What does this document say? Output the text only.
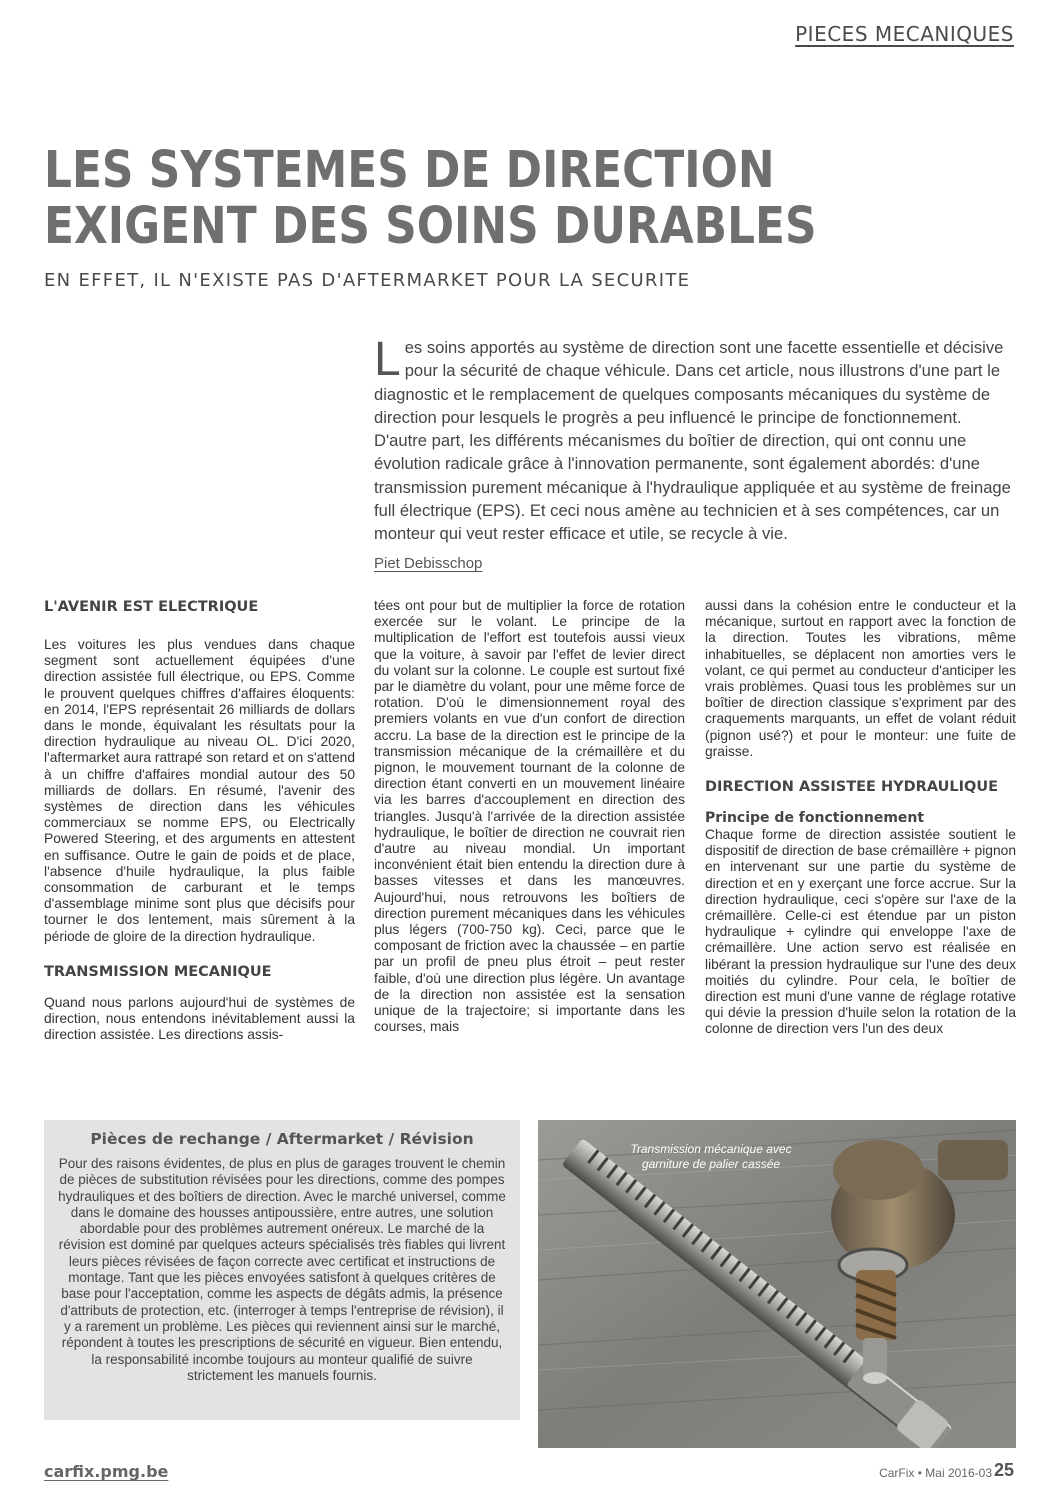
PIECES MECANIQUES
LES SYSTEMES DE DIRECTION
EXIGENT DES SOINS DURABLES
EN EFFET, IL N'EXISTE PAS D'AFTERMARKET POUR LA SECURITE

Les soins apportés au système de direction sont une facette essentielle et décisive pour la sécurité de chaque véhicule. Dans cet article, nous illustrons d'une part le diagnostic et le remplacement de quelques composants mécaniques du système de direction pour lesquels le progrès a peu influencé le principe de fonctionnement. D'autre part, les différents mécanismes du boîtier de direction, qui ont connu une évolution radicale grâce à l'innovation permanente, sont également abordés: d'une transmission purement mécanique à l'hydraulique appliquée et au système de freinage full électrique (EPS). Et ceci nous amène au technicien et à ses compétences, car un monteur qui veut rester efficace et utile, se recycle à vie.

Piet Debisschop
L'AVENIR EST ELECTRIQUE

Les voitures les plus vendues dans chaque segment sont actuellement équipées d'une direction assistée full électrique, ou EPS. Comme le prouvent quelques chiffres d'affaires éloquents: en 2014, l'EPS représentait 26 milliards de dollars dans le monde, équivalant les résultats pour la direction hydraulique au niveau OL. D'ici 2020, l'aftermarket aura rattrapé son retard et on s'attend à un chiffre d'affaires mondial autour des 50 milliards de dollars. En résumé, l'avenir des systèmes de direction dans les véhicules commerciaux se nomme EPS, ou Electrically Powered Steering, et des arguments en attestent en suffisance. Outre le gain de poids et de place, l'absence d'huile hydraulique, la plus faible consommation de carburant et le temps d'assemblage minime sont plus que décisifs pour tourner le dos lentement, mais sûrement à la période de gloire de la direction hydraulique.

TRANSMISSION MECANIQUE

Quand nous parlons aujourd'hui de systèmes de direction, nous entendons inévitablement aussi la direction assistée. Les directions assis-

tées ont pour but de multiplier la force de rotation exercée sur le volant. Le principe de la multiplication de l'effort est toutefois aussi vieux que la voiture, à savoir par l'effet de levier direct du volant sur la colonne. Le couple est surtout fixé par le diamètre du volant, pour une même force de rotation. D'où le dimensionnement royal des premiers volants en vue d'un confort de direction accru. La base de la direction est le principe de la transmission mécanique de la crémaillère et du pignon, le mouvement tournant de la colonne de direction étant converti en un mouvement linéaire via les barres d'accouplement en direction des triangles. Jusqu'à l'arrivée de la direction assistée hydraulique, le boîtier de direction ne couvrait rien d'autre au niveau mondial. Un important inconvénient était bien entendu la direction dure à basses vitesses et dans les manœuvres. Aujourd'hui, nous retrouvons les boîtiers de direction purement mécaniques dans les véhicules plus légers (700-750 kg). Ceci, parce que le composant de friction avec la chaussée – en partie par un profil de pneu plus étroit – peut rester faible, d'où une direction plus légère. Un avantage de la direction non assistée est la sensation unique de la trajectoire; si importante dans les courses, mais

aussi dans la cohésion entre le conducteur et la mécanique, surtout en rapport avec la fonction de la direction. Toutes les vibrations, même inhabituelles, se déplacent non amorties vers le volant, ce qui permet au conducteur d'anticiper les vrais problèmes. Quasi tous les problèmes sur un boîtier de direction classique s'expriment par des craquements marquants, un effet de volant réduit (pignon usé?) et pour le monteur: une fuite de graisse.

DIRECTION ASSISTEE HYDRAULIQUE
Principe de fonctionnement

Chaque forme de direction assistée soutient le dispositif de direction de base crémaillère + pignon en intervenant sur une partie du système de direction et en y exerçant une force accrue. Sur la direction hydraulique, ceci s'opère sur l'axe de la crémaillère. Celle-ci est étendue par un piston hydraulique + cylindre qui enveloppe l'axe de crémaillère. Une action servo est réalisée en libérant la pression hydraulique sur l'une des deux moitiés du cylindre. Pour cela, le boîtier de direction est muni d'une vanne de réglage rotative qui dévie la pression d'huile selon la rotation de la colonne de direction vers l'un des deux

Pièces de rechange / Aftermarket / Révision

Pour des raisons évidentes, de plus en plus de garages trouvent le chemin de pièces de substitution révisées pour les directions, comme des pompes hydrauliques et des boîtiers de direction. Avec le marché universel, comme dans le domaine des housses antipoussière, entre autres, une solution abordable pour des problèmes autrement onéreux. Le marché de la révision est dominé par quelques acteurs spécialisés très fiables qui livrent leurs pièces révisées de façon correcte avec certificat et instructions de montage. Tant que les pièces envoyées satisfont à quelques critères de base pour l'acceptation, comme les aspects de dégâts admis, la présence d'attributs de protection, etc. (interroger à temps l'entreprise de révision), il y a rarement un problème. Les pièces qui reviennent ainsi sur le marché, répondent à toutes les prescriptions de sécurité en vigueur. Bien entendu, la responsabilité incombe toujours au monteur qualifié de suivre strictement les manuels fournis.

Transmission mécanique avec
garniture de palier cassée
carfix.pmg.be	CarFix • Mai 2016-03 25
